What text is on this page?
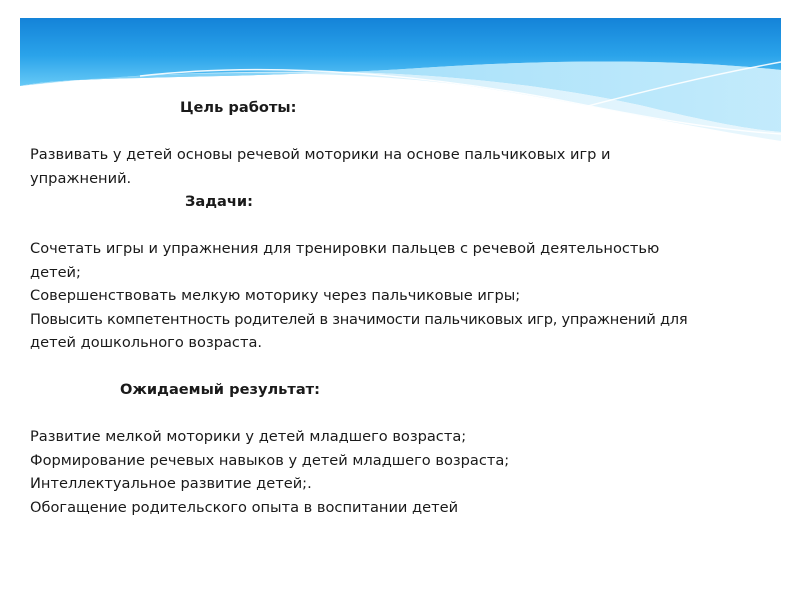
Цель работы:
Развивать у детей основы речевой моторики на основе пальчиковых игр и
упражнений.
Задачи:
Сочетать игры и упражнения для тренировки пальцев с речевой деятельностью
детей;
Совершенствовать мелкую моторику через пальчиковые игры;
Повысить компетентность родителей в значимости пальчиковых игр, упражнений для
детей дошкольного возраста.
Ожидаемый результат:
Развитие мелкой моторики у детей младшего возраста;
Формирование речевых навыков у детей младшего возраста;
Интеллектуальное развитие детей;.
Обогащение родительского опыта в воспитании детей
